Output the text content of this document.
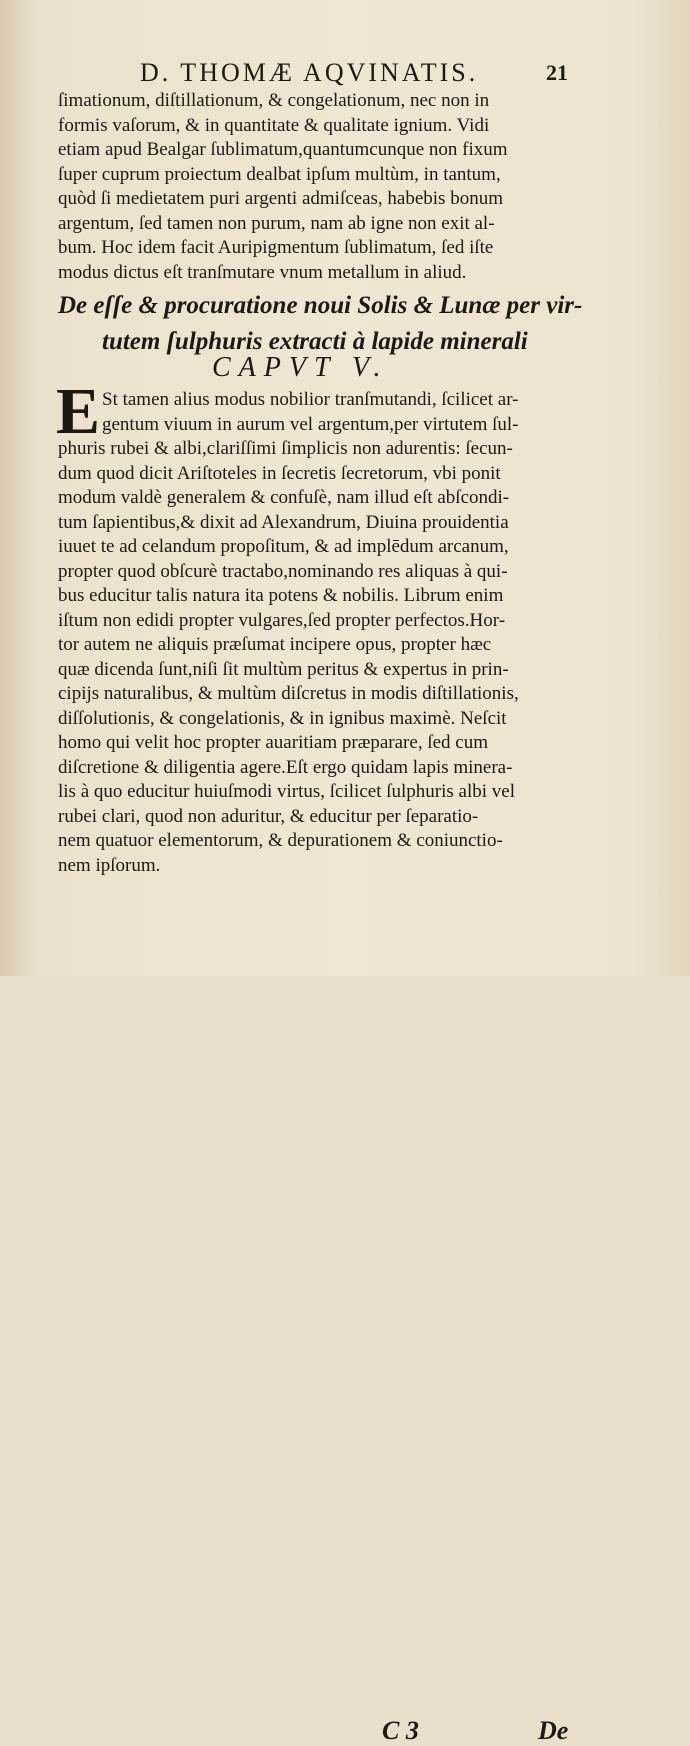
D. THOMÆ AQVINATIS.	21
ſimationum, diſtillationum, & congelationum, nec non in
formis vaſorum, & in quantitate & qualitate ignium. Vidi
etiam apud Bealgar ſublimatum,quantumcunque non fixum
ſuper cuprum proiectum dealbat ipſum multùm, in tantum,
quòd ſi medietatem puri argenti admiſceas, habebis bonum
argentum, ſed tamen non purum, nam ab igne non exit al-
bum. Hoc idem facit Auripigmentum ſublimatum, ſed iſte
modus dictus eſt tranſmutare vnum metallum in aliud.
De eſſe & procuratione noui Solis & Lunæ per vir-
tutem ſulphuris extracti à lapide minerali
CAPVT V.
E St tamen alius modus nobilior tranſmutandi, ſcilicet ar-
gentum viuum in aurum vel argentum,per virtutem ſul-
phuris rubei & albi,clariſſimi ſimplicis non adurentis: ſecun-
dum quod dicit Ariſtoteles in ſecretis ſecretorum, vbi ponit
modum valdè generalem & confuſè, nam illud eſt abſcondi-
tum ſapientibus,& dixit ad Alexandrum, Diuina prouidentia
iuuet te ad celandum propoſitum, & ad implēdum arcanum,
propter quod obſcurè tractabo,nominando res aliquas à qui-
bus educitur talis natura ita potens & nobilis. Librum enim
iſtum non edidi propter vulgares,ſed propter perfectos.Hor-
tor autem ne aliquis præſumat incipere opus, propter hæc
quæ dicenda ſunt,niſi ſit multùm peritus & expertus in prin-
cipijs naturalibus, & multùm diſcretus in modis diſtillationis,
diſſolutionis, & congelationis, & in ignibus maximè. Neſcit
homo qui velit hoc propter auaritiam præparare, ſed cum
diſcretione & diligentia agere.Eſt ergo quidam lapis minera-
lis à quo educitur huiuſmodi virtus, ſcilicet ſulphuris albi vel
rubei clari, quod non aduritur, & educitur per ſeparatio-
nem quatuor elementorum, & depurationem & coniunctio-
nem ipſorum.
C 3	De
